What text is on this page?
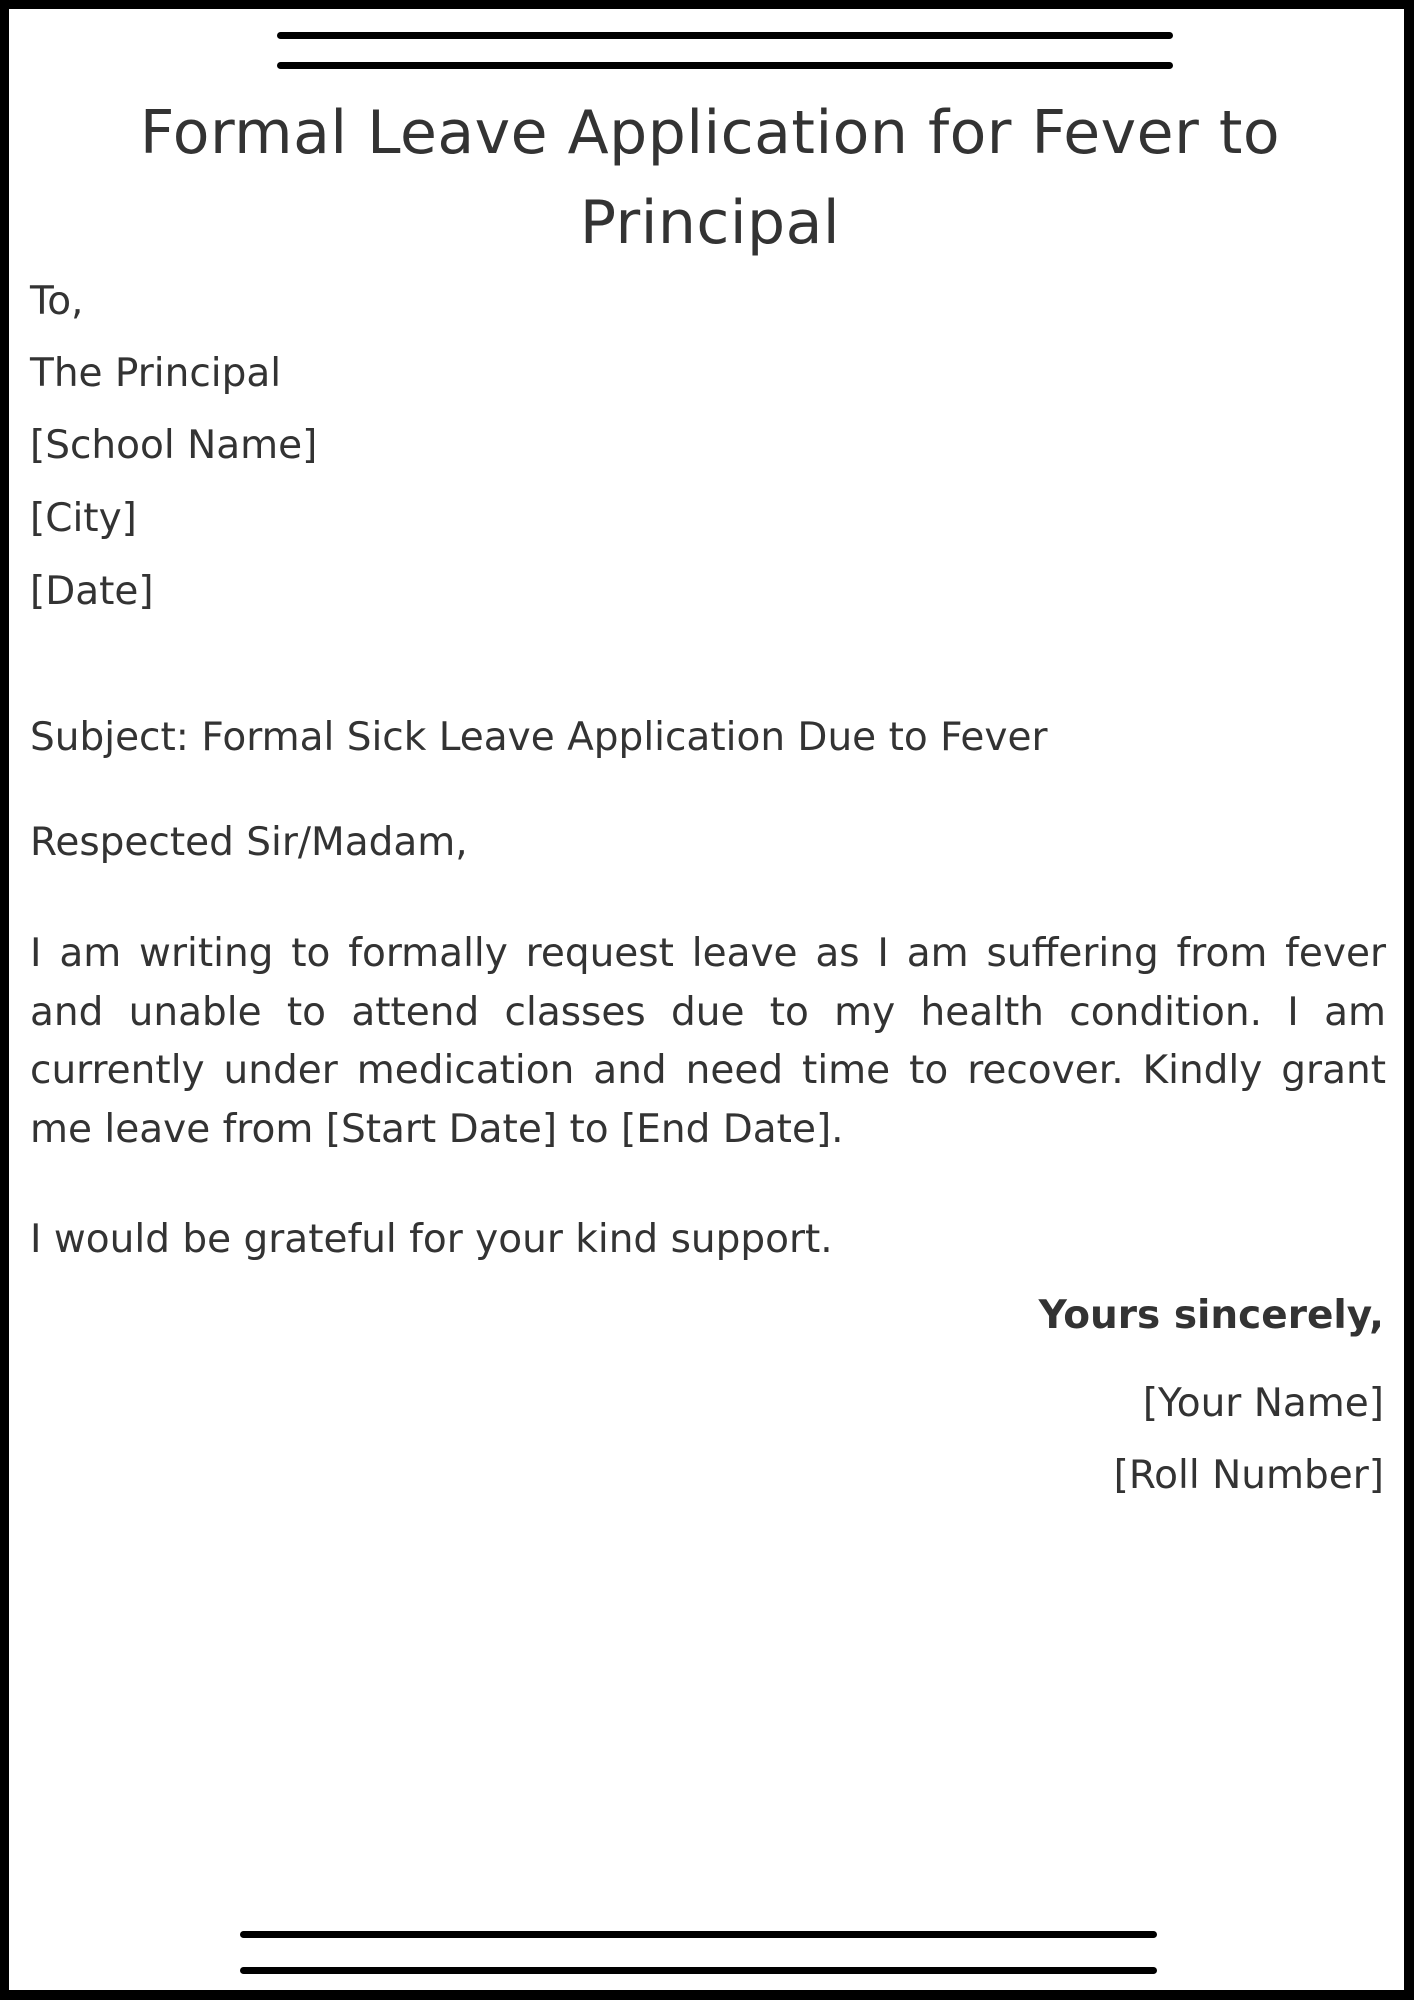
Formal Leave Application for Fever to Principal
To,
The Principal
[School Name]
[City]
[Date]
Subject: Formal Sick Leave Application Due to Fever
Respected Sir/Madam,

I am writing to formally request leave as I am suffering from fever and unable to attend classes due to my health condition. I am currently under medication and need time to recover. Kindly grant me leave from [Start Date] to [End Date].

I would be grateful for your kind support.
Yours sincerely,
[Your Name]
[Roll Number]
